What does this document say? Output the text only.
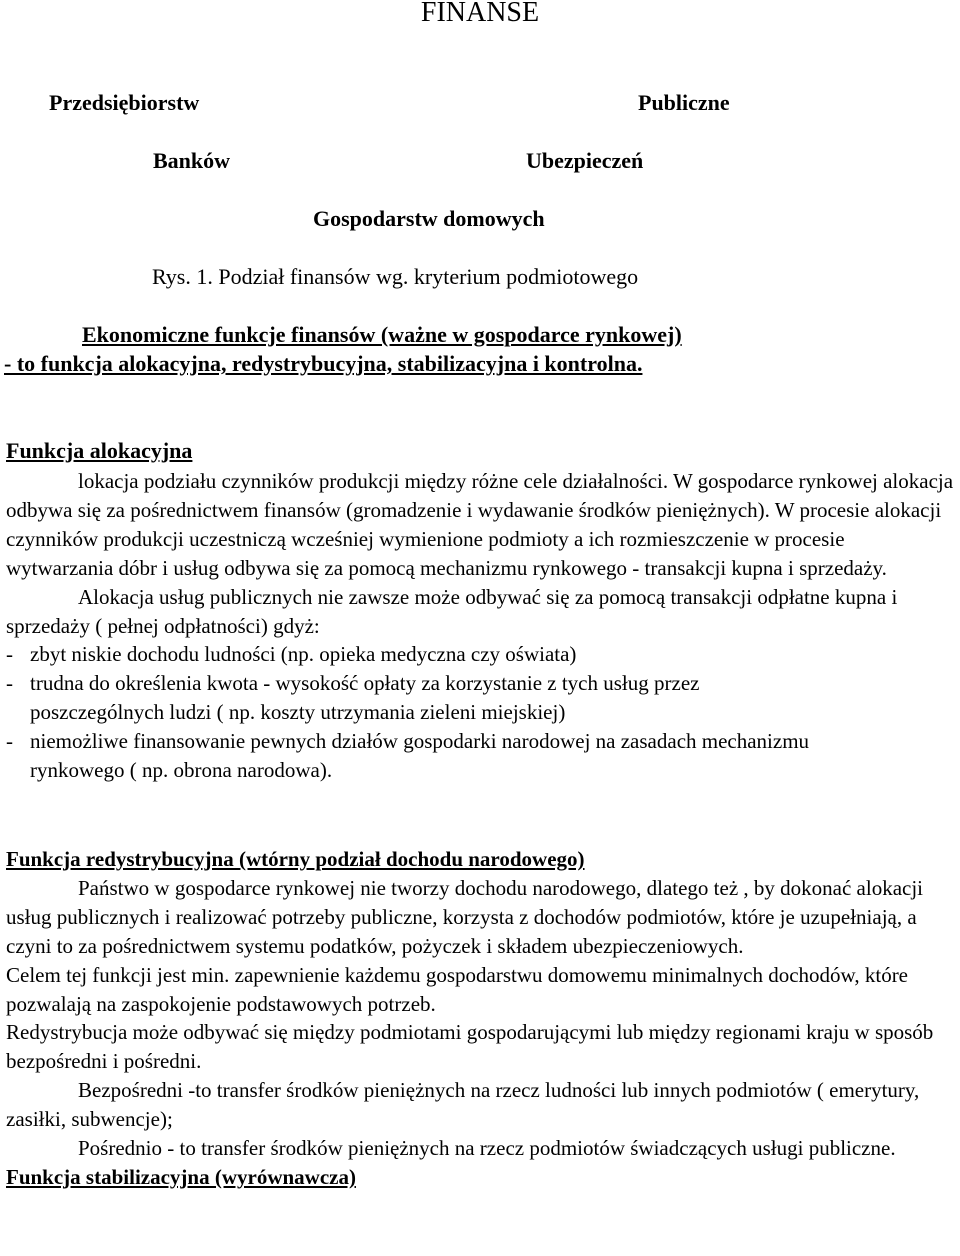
FINANSE
Przedsiębiorstw	Publiczne
Banków	Ubezpieczeń
Gospodarstw domowych
Rys. 1. Podział finansów wg. kryterium podmiotowego
Ekonomiczne funkcje finansów (ważne w gospodarce rynkowej)
- to funkcja alokacyjna, redystrybucyjna, stabilizacyjna i kontrolna.
Funkcja alokacyjna

lokacja podziału czynników produkcji między różne cele działalności. W gospodarce rynkowej alokacja odbywa się za pośrednictwem finansów (gromadzenie i wydawanie środków pieniężnych). W procesie alokacji czynników produkcji uczestniczą wcześniej wymienione podmioty a ich rozmieszczenie w procesie wytwarzania dóbr i usług odbywa się za pomocą mechanizmu rynkowego - transakcji kupna i sprzedaży.

Alokacja usług publicznych nie zawsze może odbywać się za pomocą transakcji odpłatne kupna i sprzedaży ( pełnej odpłatności) gdyż:

- zbyt niskie dochodu ludności (np. opieka medyczna czy oświata)

- trudna do określenia kwota - wysokość opłaty za korzystanie z tych usług przez

poszczególnych ludzi ( np. koszty utrzymania zieleni miejskiej)

- niemożliwe finansowanie pewnych działów gospodarki narodowej na zasadach mechanizmu

rynkowego ( np. obrona narodowa).

Funkcja redystrybucyjna (wtórny podział dochodu narodowego)

Państwo w gospodarce rynkowej nie tworzy dochodu narodowego, dlatego też , by dokonać alokacji usług publicznych i realizować potrzeby publiczne, korzysta z dochodów podmiotów, które je uzupełniają, a czyni to za pośrednictwem systemu podatków, pożyczek i składem ubezpieczeniowych.

Celem tej funkcji jest min. zapewnienie każdemu gospodarstwu domowemu minimalnych dochodów, które pozwalają na zaspokojenie podstawowych potrzeb.

Redystrybucja może odbywać się między podmiotami gospodarującymi lub między regionami kraju w sposób bezpośredni i pośredni.

Bezpośredni -to transfer środków pieniężnych na rzecz ludności lub innych podmiotów ( emerytury, zasiłki, subwencje);

Pośrednio - to transfer środków pieniężnych na rzecz podmiotów świadczących usługi publiczne.

Funkcja stabilizacyjna (wyrównawcza)
